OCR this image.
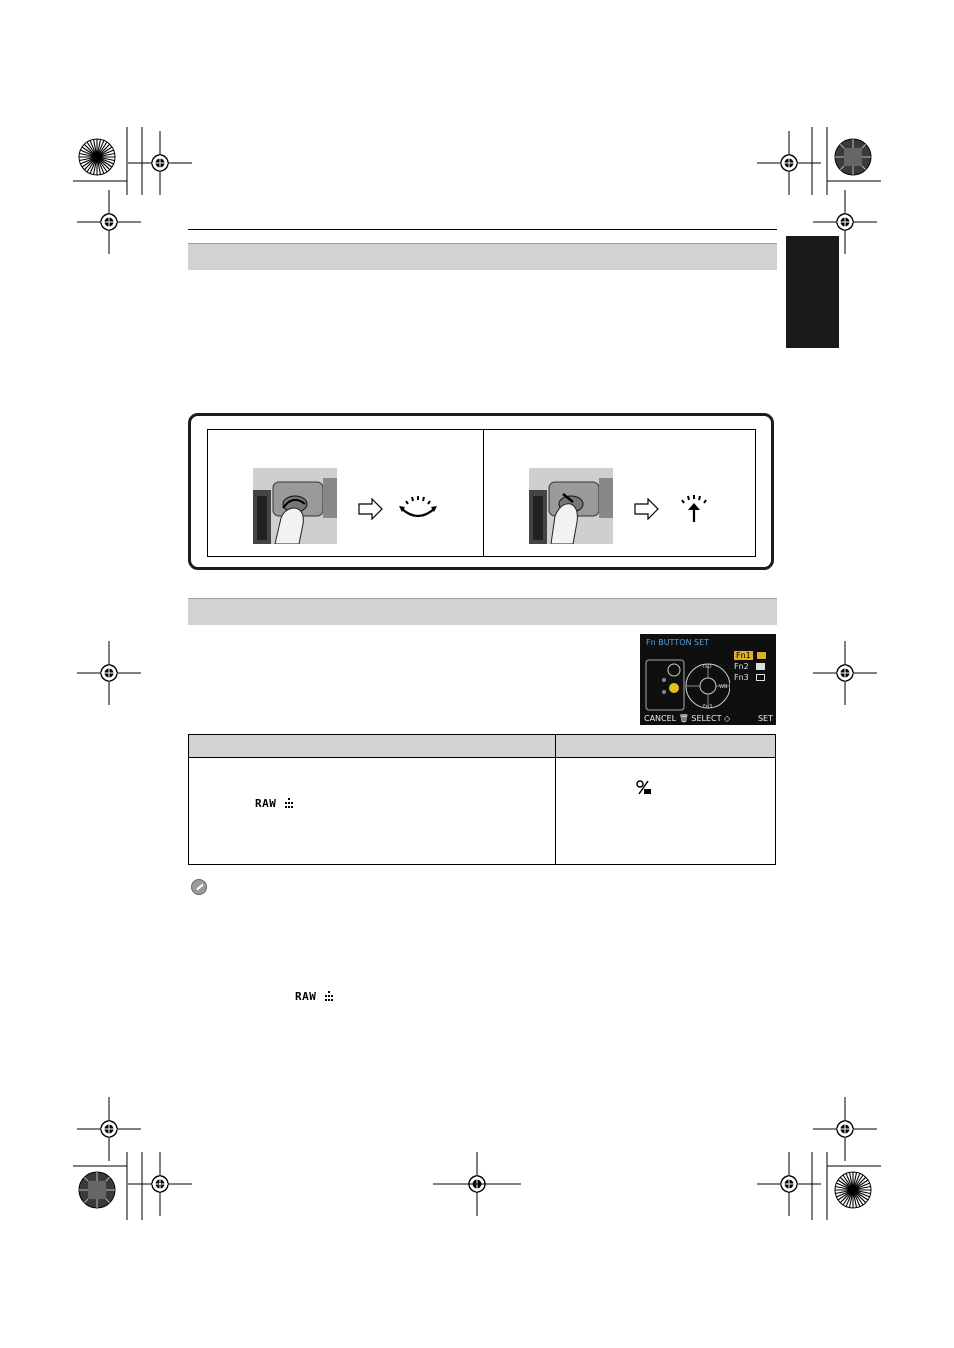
Fn BUTTON SET
ISO
WB
Fn3
Fn1
Fn2
Fn3
CANCEL 🗑 SELECT ◇	SET
RAW
RAW
